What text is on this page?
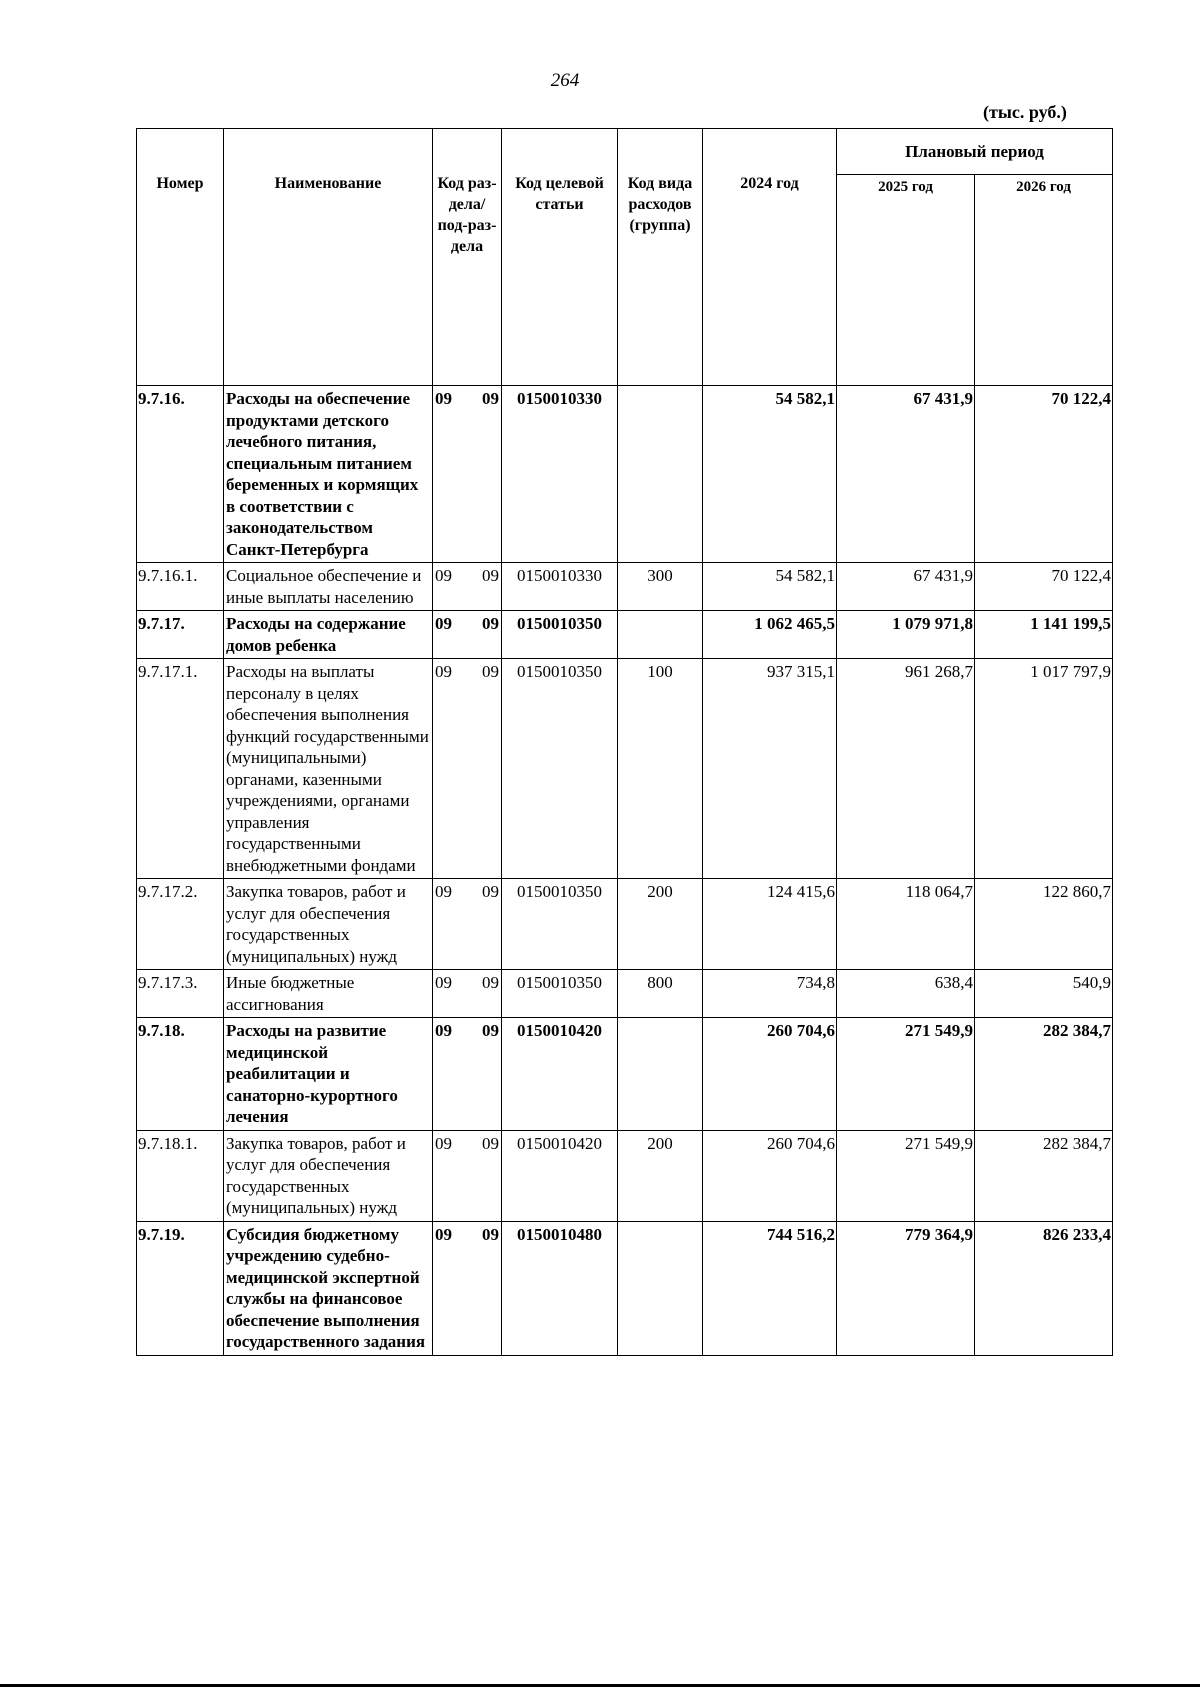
264
(тыс. руб.)
Номер	Наименование	Код раз-дела/ под-раз-дела	Код целевой статьи	Код вида расходов (группа)	2024 год	Плановый период	
						2025 год	2026 год
9.7.16.	Расходы на обеспечение продуктами детского лечебного питания, специальным питанием беременных и кормящих в соответствии с законодательством Санкт-Петербурга	09 09	0150010330		54 582,1	67 431,9	70 122,4
9.7.16.1.	Социальное обеспечение и иные выплаты населению	09 09	0150010330	300	54 582,1	67 431,9	70 122,4
9.7.17.	Расходы на содержание домов ребенка	09 09	0150010350		1 062 465,5	1 079 971,8	1 141 199,5
9.7.17.1.	Расходы на выплаты персоналу в целях обеспечения выполнения функций государственными (муниципальными) органами, казенными учреждениями, органами управления государственными внебюджетными фондами	09 09	0150010350	100	937 315,1	961 268,7	1 017 797,9
9.7.17.2.	Закупка товаров, работ и услуг для обеспечения государственных (муниципальных) нужд	09 09	0150010350	200	124 415,6	118 064,7	122 860,7
9.7.17.3.	Иные бюджетные ассигнования	09 09	0150010350	800	734,8	638,4	540,9
9.7.18.	Расходы на развитие медицинской реабилитации и санаторно-курортного лечения	09 09	0150010420		260 704,6	271 549,9	282 384,7
9.7.18.1.	Закупка товаров, работ и услуг для обеспечения государственных (муниципальных) нужд	09 09	0150010420	200	260 704,6	271 549,9	282 384,7
9.7.19.	Субсидия бюджетному учреждению судебно-медицинской экспертной службы на финансовое обеспечение выполнения государственного задания	09 09	0150010480		744 516,2	779 364,9	826 233,4
